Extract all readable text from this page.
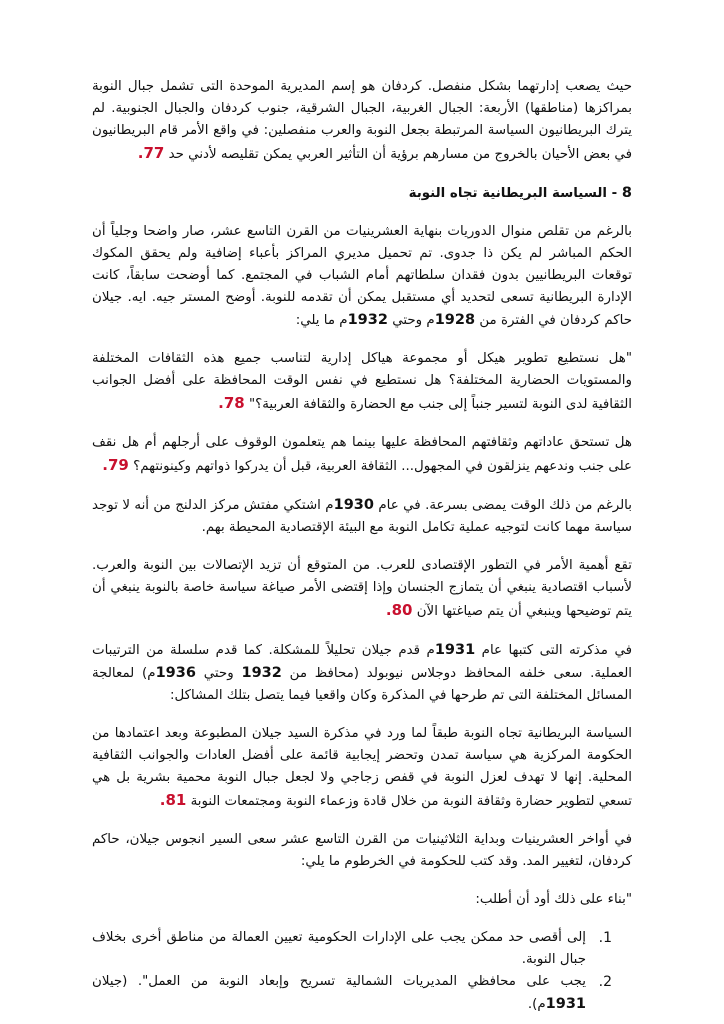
حيث يصعب إدارتهما بشكل منفصل. كردفان هو إسم المديرية الموحدة التى تشمل جبال النوبة بمراكزها (مناطقها) الأربعة: الجبال الغربية، الجبال الشرقية، جنوب كردفان والجبال الجنوبية. لم يترك البريطانيون السياسة المرتبطة بجعل النوبة والعرب منفصلين: في واقع الأمر قام البريطانيون في بعض الأحيان بالخروج من مسارهم برؤية أن التأثير العربي يمكن تقليصه لأدني حد 77.

8 - السياسة البريطانية تجاه النوبة

بالرغم من تقلص منوال الدوريات بنهاية العشرينيات من القرن التاسع عشر، صار واضحا وجلياً أن الحكم المباشر لم يكن ذا جدوى. تم تحميل مديري المراكز بأعباء إضافية ولم يحقق المكوك توقعات البريطانيين بدون فقدان سلطاتهم أمام الشباب في المجتمع. كما أوضحت سابقاً، كانت الإدارة البريطانية تسعى لتحديد أي مستقبل يمكن أن تقدمه للنوبة. أوضح المستر جيه. ايه. جيلان حاكم كردفان في الفترة من 1928م وحتي 1932م ما يلي:

"هل نستطيع تطوير هيكل أو مجموعة هياكل إدارية لتناسب جميع هذه الثقافات المختلفة والمستويات الحضارية المختلفة؟ هل نستطيع في نفس الوقت المحافظة على أفضل الجوانب الثقافية لدى النوبة لتسير جنباً إلى جنب مع الحضارة والثقافة العربية؟" 78.

هل تستحق عاداتهم وثقافتهم المحافظة عليها بينما هم يتعلمون الوقوف على أرجلهم أم هل نقف على جنب وندعهم ينزلقون في المجهول... الثقافة العربية، قبل أن يدركوا ذواتهم وكينونتهم؟ 79.

بالرغم من ذلك الوقت يمضى بسرعة. في عام 1930م اشتكي مفتش مركز الدلنج من أنه لا توجد سياسة مهما كانت لتوجيه عملية تكامل النوبة مع البيئة الإقتصادية المحيطة بهم.

تقع أهمية الأمر في التطور الإقتصادى للعرب. من المتوقع أن تزيد الإتصالات بين النوبة والعرب. لأسباب اقتصادية ينبغي أن يتمازج الجنسان وإذا إقتضى الأمر صياغة سياسة خاصة بالنوبة ينبغي أن يتم توضيحها وينبغي أن يتم صياغتها الآن 80.

في مذكرته التى كتبها عام 1931م قدم جيلان تحليلاً للمشكلة. كما قدم سلسلة من الترتيبات العملية. سعى خلفه المحافظ دوجلاس نيوبولد (محافظ من 1932 وحتي 1936م) لمعالجة المسائل المختلفة التى تم طرحها في المذكرة وكان واقعيا فيما يتصل بتلك المشاكل:

السياسة البريطانية تجاه النوبة طبقاً لما ورد في مذكرة السيد جيلان المطبوعة وبعد اعتمادها من الحكومة المركزية هي سياسة تمدن وتحضر إيجابية قائمة على أفضل العادات والجوانب الثقافية المحلية. إنها لا تهدف لعزل النوبة في قفص زجاجي ولا لجعل جبال النوبة محمية بشرية بل هي تسعي لتطوير حضارة وثقافة النوبة من خلال قادة وزعماء النوبة ومجتمعات النوبة 81.

في أواخر العشرينيات وبداية الثلاثينيات من القرن التاسع عشر سعى السير انجوس جيلان، حاكم كردفان، لتغيير المد. وقد كتب للحكومة في الخرطوم ما يلي:

"بناء على ذلك أود أن أطلب:

1.
إلى أقصى حد ممكن يجب على الإدارات الحكومية تعيين العمالة من مناطق أخرى بخلاف جبال النوبة.
2.
يجب على محافظي المديريات الشمالية تسريح وإبعاد النوبة من العمل". (جيلان 1931م).
